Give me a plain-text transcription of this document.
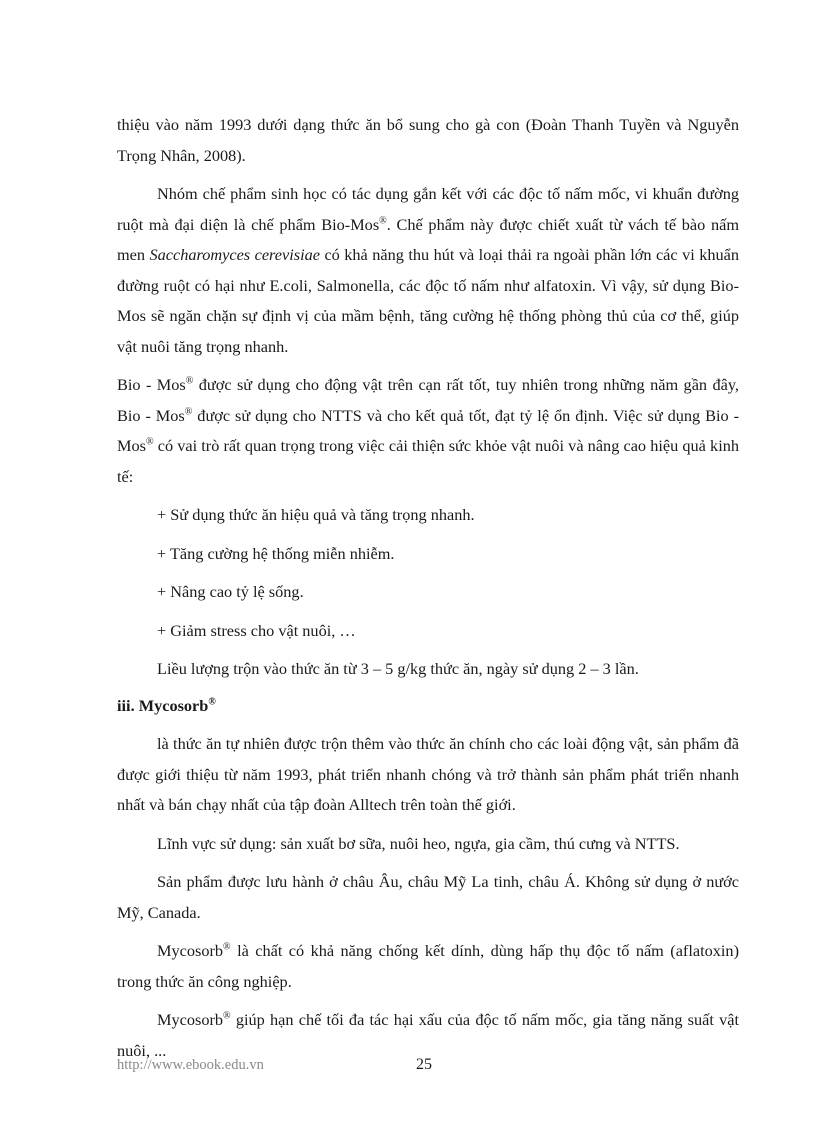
thiệu vào năm 1993 dưới dạng thức ăn bổ sung cho gà con (Đoàn Thanh Tuyền và Nguyễn Trọng Nhân, 2008).

Nhóm chế phẩm sinh học có tác dụng gắn kết với các độc tố nấm mốc, vi khuẩn đường ruột mà đại diện là chế phẩm Bio-Mos®. Chế phẩm này được chiết xuất từ vách tế bào nấm men Saccharomyces cerevisiae có khả năng thu hút và loại thải ra ngoài phần lớn các vi khuẩn đường ruột có hại như E.coli, Salmonella, các độc tố nấm như alfatoxin. Vì vậy, sử dụng Bio-Mos sẽ ngăn chặn sự định vị của mầm bệnh, tăng cường hệ thống phòng thủ của cơ thể, giúp vật nuôi tăng trọng nhanh.

Bio - Mos® được sử dụng cho động vật trên cạn rất tốt, tuy nhiên trong những năm gần đây, Bio - Mos® được sử dụng cho NTTS và cho kết quả tốt, đạt tỷ lệ ổn định. Việc sử dụng Bio - Mos® có vai trò rất quan trọng trong việc cải thiện sức khỏe vật nuôi và nâng cao hiệu quả kinh tế:

+ Sử dụng thức ăn hiệu quả và tăng trọng nhanh.

+ Tăng cường hệ thống miễn nhiễm.

+ Nâng cao tỷ lệ sống.

+ Giảm stress cho vật nuôi, …

Liều lượng trộn vào thức ăn từ 3 – 5 g/kg thức ăn, ngày sử dụng 2 – 3 lần.

iii. Mycosorb®

là thức ăn tự nhiên được trộn thêm vào thức ăn chính cho các loài động vật, sản phẩm đã được giới thiệu từ năm 1993, phát triển nhanh chóng và trở thành sản phẩm phát triển nhanh nhất và bán chạy nhất của tập đoàn Alltech trên toàn thế giới.

Lĩnh vực sử dụng: sản xuất bơ sữa, nuôi heo, ngựa, gia cầm, thú cưng và NTTS.

Sản phẩm được lưu hành ở châu Âu, châu Mỹ La tinh, châu Á. Không sử dụng ở nước Mỹ, Canada.

Mycosorb® là chất có khả năng chống kết dính, dùng hấp thụ độc tố nấm (aflatoxin) trong thức ăn công nghiệp.

Mycosorb® giúp hạn chế tối đa tác hại xấu của độc tố nấm mốc, gia tăng năng suất vật nuôi, ...

http://www.ebook.edu.vn	25
